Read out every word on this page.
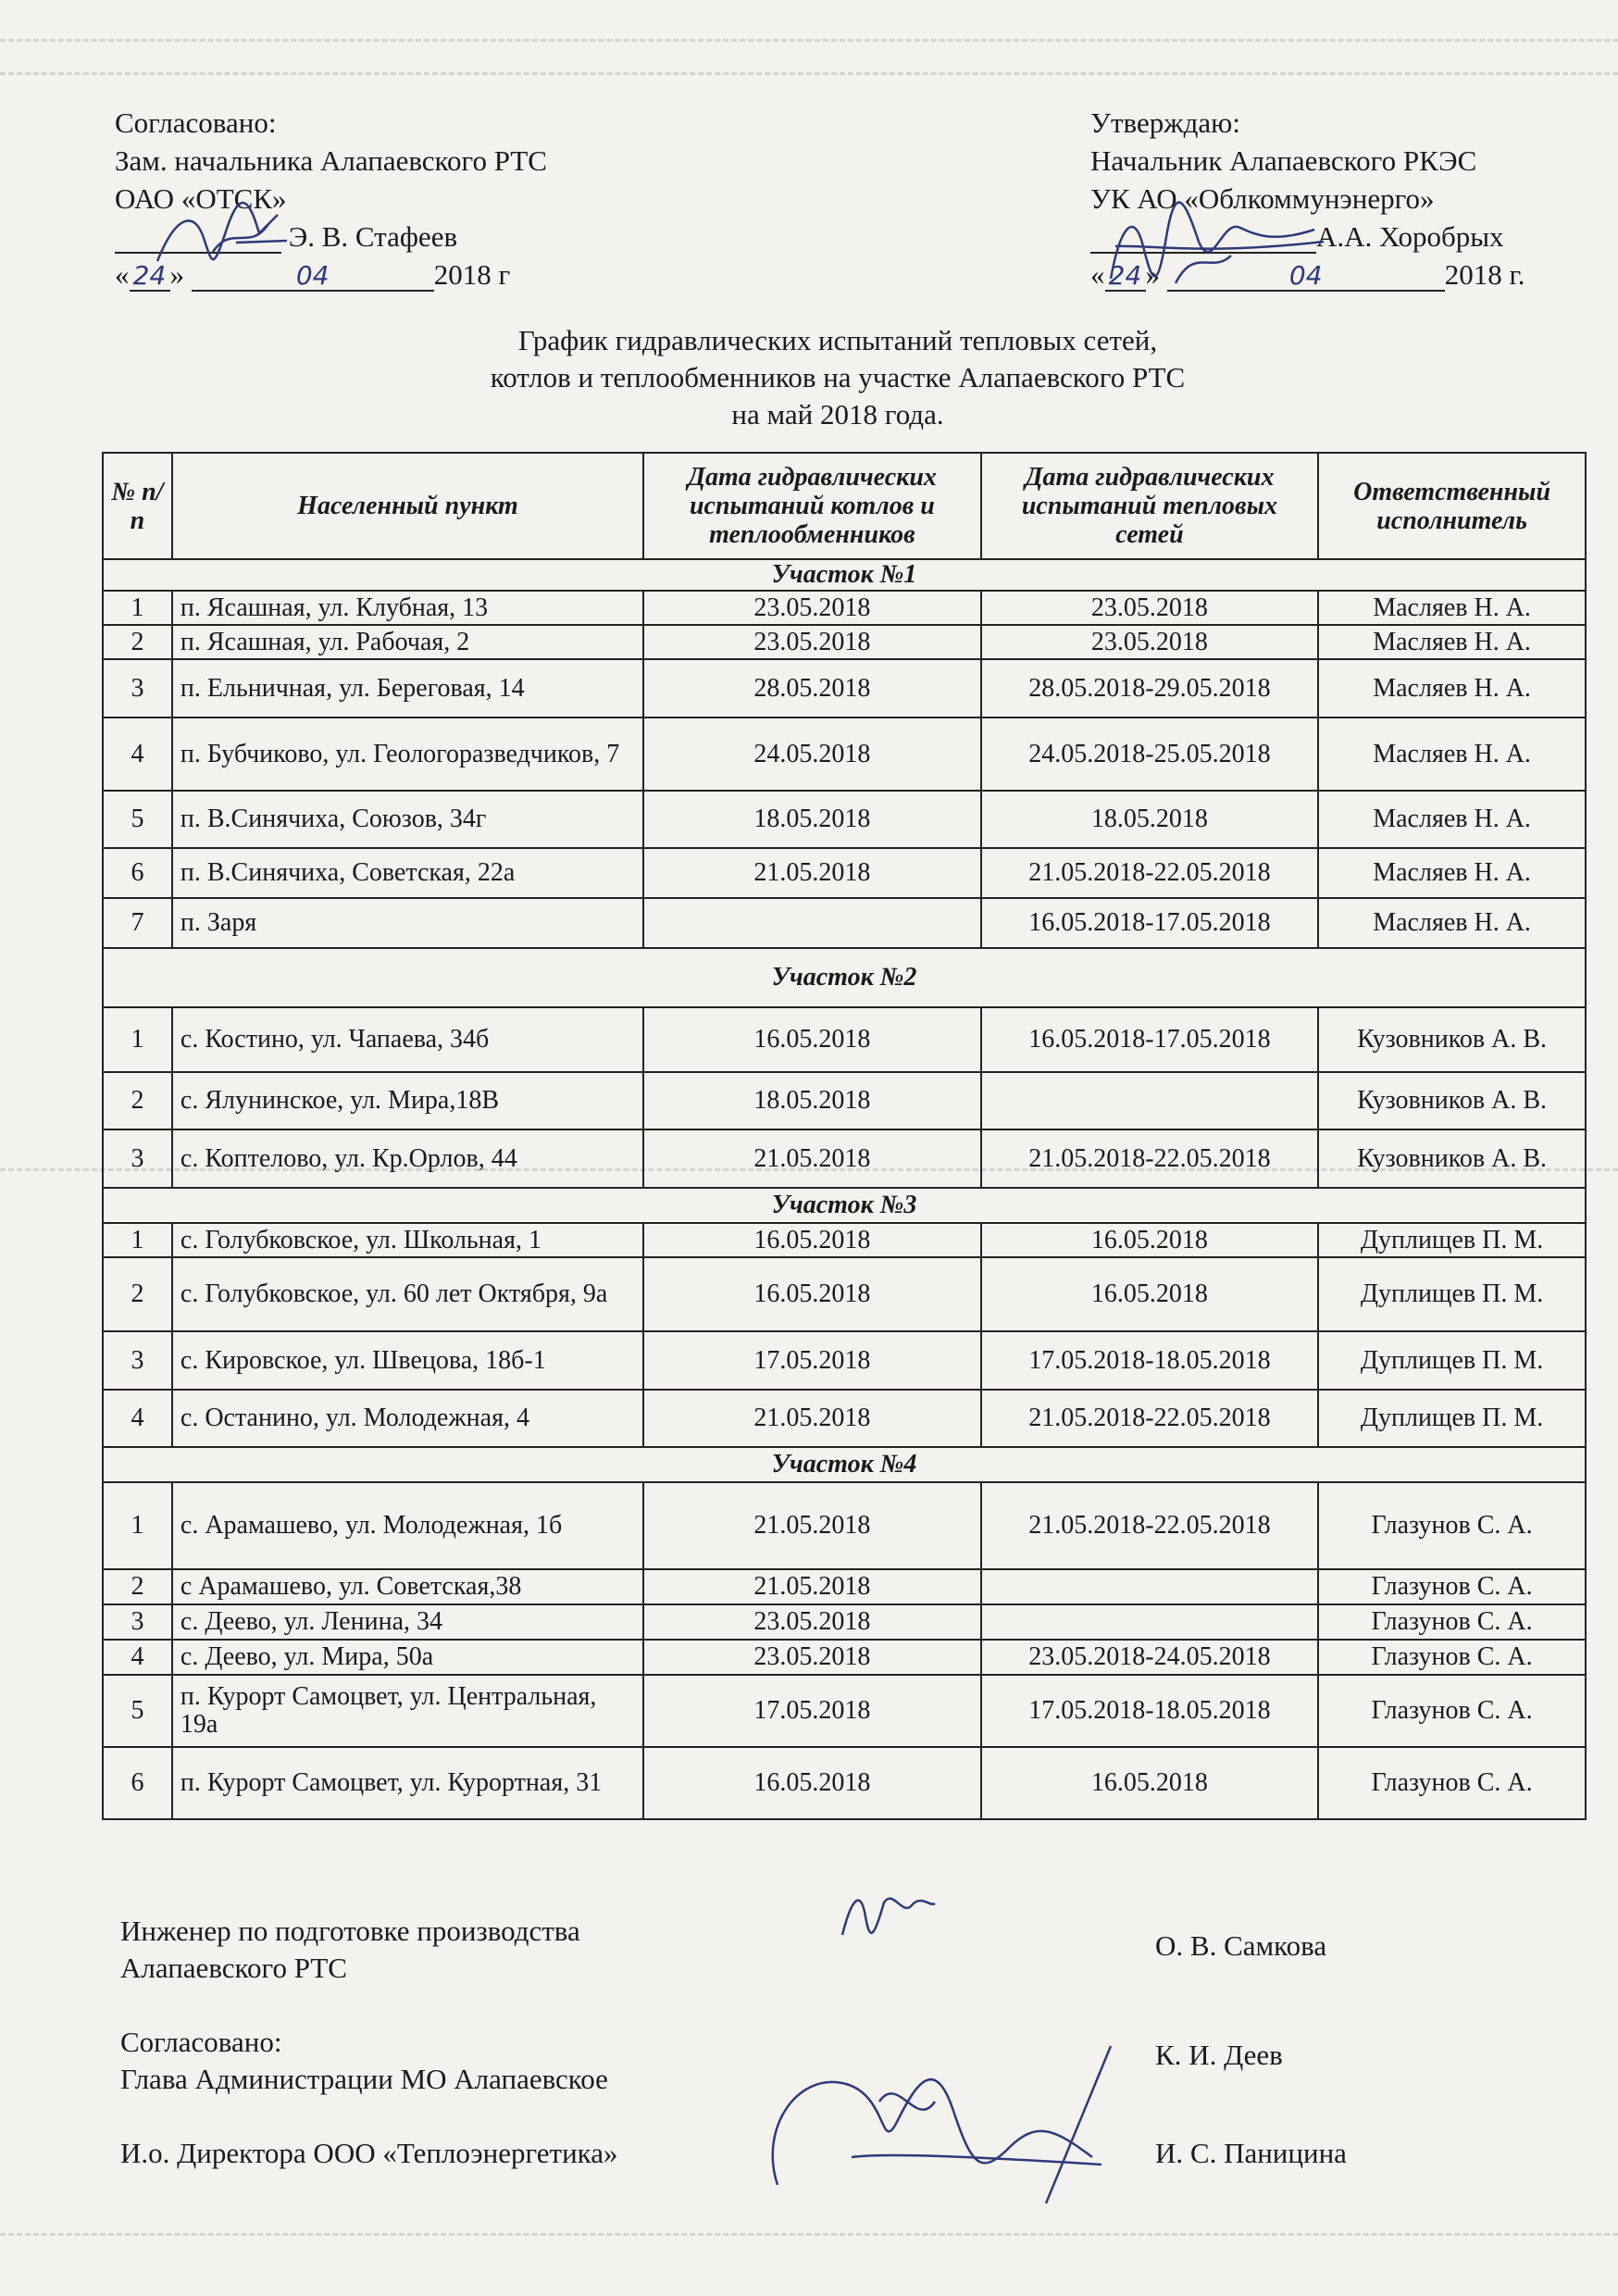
Согласовано:
Зам. начальника Алапаевского РТС
ОАО «ОТСК»
Э. В. Стафеев
« 24 »	04	2018 г
Утверждаю:
Начальник Алапаевского РКЭС
УК АО «Облкоммунэнерго»
А.А. Хоробрых
« 24 »	04	2018 г.
График гидравлических испытаний тепловых сетей,
котлов и теплообменников на участке Алапаевского РТС
на май 2018 года.
№ п/п	Населенный пункт	Дата гидравлических испытаний котлов и теплообменников	Дата гидравлических испытаний тепловых сетей	Ответственный исполнитель
Участок №1				
1	п. Ясашная, ул. Клубная, 13	23.05.2018	23.05.2018	Масляев Н. А.
2	п. Ясашная, ул. Рабочая, 2	23.05.2018	23.05.2018	Масляев Н. А.
3	п. Ельничная, ул. Береговая, 14	28.05.2018	28.05.2018-29.05.2018	Масляев Н. А.
4	п. Бубчиково, ул. Геологоразведчиков, 7	24.05.2018	24.05.2018-25.05.2018	Масляев Н. А.
5	п. В.Синячиха, Союзов, 34г	18.05.2018	18.05.2018	Масляев Н. А.
6	п. В.Синячиха, Советская, 22а	21.05.2018	21.05.2018-22.05.2018	Масляев Н. А.
7	п. Заря		16.05.2018-17.05.2018	Масляев Н. А.
Участок №2				
1	с. Костино, ул. Чапаева, 34б	16.05.2018	16.05.2018-17.05.2018	Кузовников А. В.
2	с. Ялунинское, ул. Мира,18В	18.05.2018		Кузовников А. В.
3	с. Коптелово, ул. Кр.Орлов, 44	21.05.2018	21.05.2018-22.05.2018	Кузовников А. В.
Участок №3				
1	с. Голубковское, ул. Школьная, 1	16.05.2018	16.05.2018	Дуплищев П. М.
2	с. Голубковское, ул. 60 лет Октября, 9а	16.05.2018	16.05.2018	Дуплищев П. М.
3	с. Кировское, ул. Швецова, 18б-1	17.05.2018	17.05.2018-18.05.2018	Дуплищев П. М.
4	с. Останино, ул. Молодежная, 4	21.05.2018	21.05.2018-22.05.2018	Дуплищев П. М.
Участок №4				
1	с. Арамашево, ул. Молодежная, 1б	21.05.2018	21.05.2018-22.05.2018	Глазунов С. А.
2	с Арамашево, ул. Советская,38	21.05.2018		Глазунов С. А.
3	с. Деево, ул. Ленина, 34	23.05.2018		Глазунов С. А.
4	с. Деево, ул. Мира, 50а	23.05.2018	23.05.2018-24.05.2018	Глазунов С. А.
5	п. Курорт Самоцвет, ул. Центральная, 19а	17.05.2018	17.05.2018-18.05.2018	Глазунов С. А.
6	п. Курорт Самоцвет, ул. Курортная, 31	16.05.2018	16.05.2018	Глазунов С. А.
Инженер по подготовке производства
Алапаевского РТС
О. В. Самкова
Согласовано:
Глава Администрации МО Алапаевское
К. И. Деев
И.о. Директора ООО «Теплоэнергетика»	И. С. Паницина
